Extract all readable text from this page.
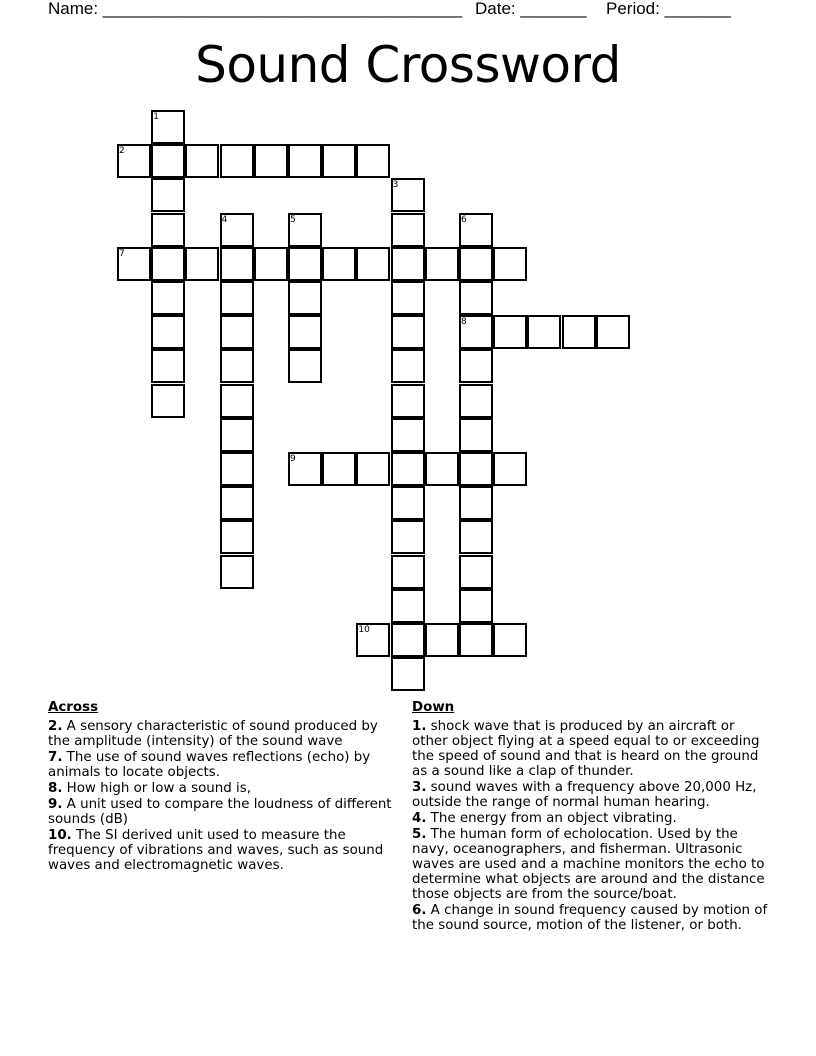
Name: ______________________________________ Date: _______ Period: _______
Sound Crossword
1
2
3
4	5	6
7
8
9
10
Across
2. A sensory characteristic of sound produced by the amplitude (intensity) of the sound wave
7. The use of sound waves reflections (echo) by animals to locate objects.
8. How high or low a sound is,
9. A unit used to compare the loudness of different sounds (dB)
10. The SI derived unit used to measure the frequency of vibrations and waves, such as sound waves and electromagnetic waves.
Down
1. shock wave that is produced by an aircraft or other object flying at a speed equal to or exceeding the speed of sound and that is heard on the ground as a sound like a clap of thunder.
3. sound waves with a frequency above 20,000 Hz, outside the range of normal human hearing.
4. The energy from an object vibrating.
5. The human form of echolocation. Used by the navy, oceanographers, and fisherman. Ultrasonic waves are used and a machine monitors the echo to determine what objects are around and the distance those objects are from the source/boat.
6. A change in sound frequency caused by motion of the sound source, motion of the listener, or both.
